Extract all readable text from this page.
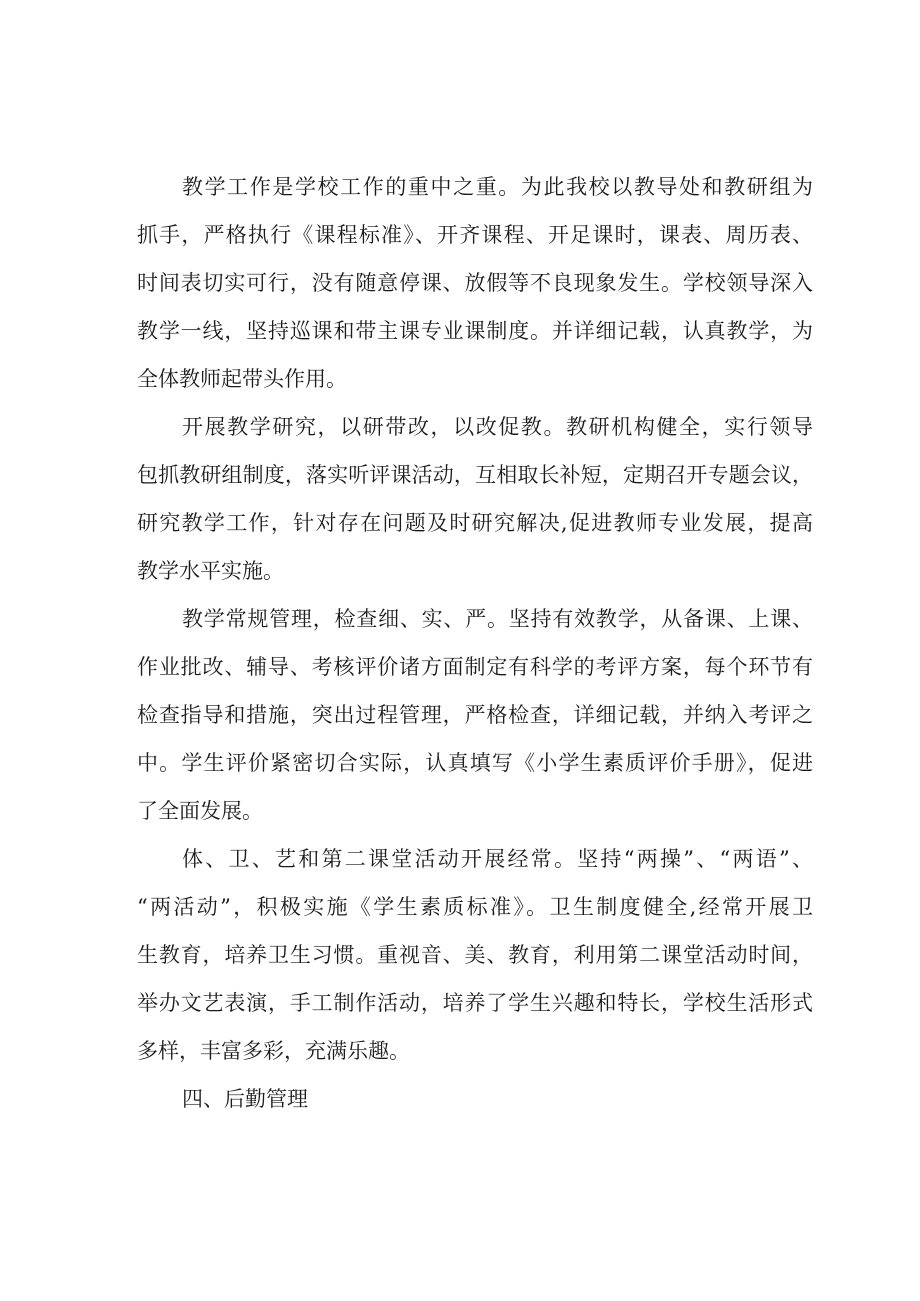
教学工作是学校工作的重中之重。为此我校以教导处和教研组为
抓手，严格执行《课程标准》、开齐课程、开足课时，课表、周历表、
时间表切实可行，没有随意停课、放假等不良现象发生。学校领导深入
教学一线，坚持巡课和带主课专业课制度。并详细记载，认真教学，为
全体教师起带头作用。
开展教学研究，以研带改，以改促教。教研机构健全，实行领导
包抓教研组制度，落实听评课活动，互相取长补短，定期召开专题会议，
研究教学工作，针对存在问题及时研究解决,促进教师专业发展，提高
教学水平实施。
教学常规管理，检查细、实、严。坚持有效教学，从备课、上课、
作业批改、辅导、考核评价诸方面制定有科学的考评方案，每个环节有
检查指导和措施，突出过程管理，严格检查，详细记载，并纳入考评之
中。学生评价紧密切合实际，认真填写《小学生素质评价手册》，促进
了全面发展。
体、卫、艺和第二课堂活动开展经常。坚持“两操”、“两语”、
“两活动”，积极实施《学生素质标准》。卫生制度健全,经常开展卫
生教育，培养卫生习惯。重视音、美、教育，利用第二课堂活动时间，
举办文艺表演，手工制作活动，培养了学生兴趣和特长，学校生活形式
多样，丰富多彩，充满乐趣。
四、后勤管理
